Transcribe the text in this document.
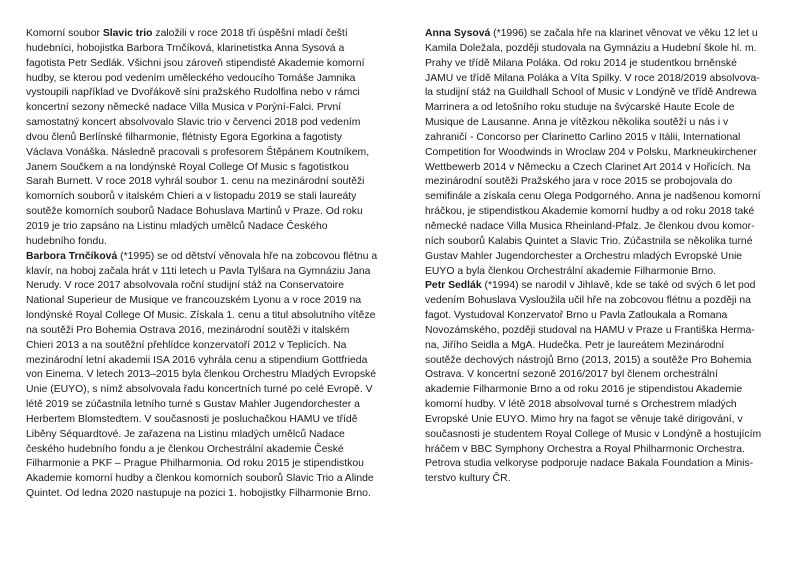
Komorní soubor Slavic trio založili v roce 2018 tři úspěšní mladí čeští
hudebníci, hobojistka Barbora Trnčíková, klarinetistka Anna Sysová a
fagotista Petr Sedlák. Všichni jsou zároveň stipendisté Akademie komorní
hudby, se kterou pod vedením uměleckého vedoucího Tomáše Jamnika
vystoupili například ve Dvořákově síni pražského Rudolfina nebo v rámci
koncertní sezony německé nadace Villa Musica v Porýní-Falci. První
samostatný koncert absolvovalo Slavic trio v červenci 2018 pod vedením
dvou členů Berlínské filharmonie, flétnisty Egora Egorkina a fagotisty
Václava Vonáška. Následně pracovali s profesorem Štěpánem Koutníkem,
Janem Součkem a na londýnské Royal College Of Music s fagotistkou
Sarah Burnett. V roce 2018 vyhrál soubor 1. cenu na mezinárodní soutěži
komorních souborů v italském Chieri a v listopadu 2019 se stali laureáty
soutěže komorních souborů Nadace Bohuslava Martinů v Praze. Od roku
2019 je trio zapsáno na Listinu mladých umělců Nadace Českého
hudebního fondu.
Barbora Trnčíková (*1995) se od dětství věnovala hře na zobcovou flétnu a
klavír, na hoboj začala hrát v 11ti letech u Pavla Tylšara na Gymnáziu Jana
Nerudy. V roce 2017 absolvovala roční studijní stáž na Conservatoire
National Superieur de Musique ve francouzském Lyonu a v roce 2019 na
londýnské Royal College Of Music. Získala 1. cenu a titul absolutního vítěze
na soutěži Pro Bohemia Ostrava 2016, mezinárodní soutěži v italském
Chieri 2013 a na soutěžní přehlídce konzervatoří 2012 v Teplicích. Na
mezinárodní letní akademii ISA 2016 vyhrála cenu a stipendium Gottfrieda
von Einema. V letech 2013–2015 byla členkou Orchestru Mladých Evropské
Unie (EUYO), s nímž absolvovala řadu koncertních turné po celé Evropě. V
létě 2019 se zúčastnila letního turné s Gustav Mahler Jugendorchester a
Herbertem Blomstedtem. V současnosti je posluchačkou HAMU ve třídě
Liběny Séquardtové. Je zařazena na Listinu mladých umělců Nadace
českého hudebního fondu a je členkou Orchestrální akademie České
Filharmonie a PKF – Prague Philharmonia. Od roku 2015 je stipendistkou
Akademie komorní hudby a členkou komorních souborů Slavic Trio a Alinde
Quintet. Od ledna 2020 nastupuje na pozici 1. hobojistky Filharmonie Brno.
Anna Sysová (*1996) se začala hře na klarinet věnovat ve věku 12 let u
Kamila Doležala, později studovala na Gymnáziu a Hudební škole hl. m.
Prahy ve třídě Milana Poláka. Od roku 2014 je studentkou brněnské
JAMU ve třídě Milana Poláka a Víta Spilky. V roce 2018/2019 absolvova-
la studijní stáž na Guildhall School of Music v Londýně ve třídě Andrewa
Marrinera a od letošního roku studuje na švýcarské Haute Ecole de
Musique de Lausanne. Anna je vítězkou několika soutěží u nás i v
zahraničí - Concorso per Clarinetto Carlino 2015 v Itálii, International
Competition for Woodwinds in Wroclaw 204 v Polsku, Markneukirchener
Wettbewerb 2014 v Německu a Czech Clarinet Art 2014 v Hořicích. Na
mezinárodní soutěži Pražského jara v roce 2015 se probojovala do
semifinále a získala cenu Olega Podgorného. Anna je nadšenou komorní
hráčkou, je stipendistkou Akademie komorní hudby a od roku 2018 také
německé nadace Villa Musica Rheinland-Pfalz. Je členkou dvou komor-
ních souborů Kalabis Quintet a Slavic Trio. Zúčastnila se několika turné
Gustav Mahler Jugendorchester a Orchestru mladých Evropské Unie
EUYO a byla členkou Orchestrální akademie Filharmonie Brno.
Petr Sedlák (*1994) se narodil v Jihlavě, kde se také od svých 6 let pod
vedením Bohuslava Vysloužila učil hře na zobcovou flétnu a později na
fagot. Vystudoval Konzervatoř Brno u Pavla Zatloukala a Romana
Novozámského, později studoval na HAMU v Praze u Františka Herma-
na, Jiřího Seidla a MgA. Hudečka. Petr je laureátem Mezinárodní
soutěže dechových nástrojů Brno (2013, 2015) a soutěže Pro Bohemia
Ostrava. V koncertní sezoně 2016/2017 byl členem orchestrální
akademie Filharmonie Brno a od roku 2016 je stipendistou Akademie
komorní hudby. V létě 2018 absolvoval turné s Orchestrem mladých
Evropské Unie EUYO. Mimo hry na fagot se věnuje také dirigování, v
současnosti je studentem Royal College of Music v Londýně a hostujícím
hráčem v BBC Symphony Orchestra a Royal Philharmonic Orchestra.
Petrova studia velkoryse podporuje nadace Bakala Foundation a Minis-
terstvo kultury ČR.
